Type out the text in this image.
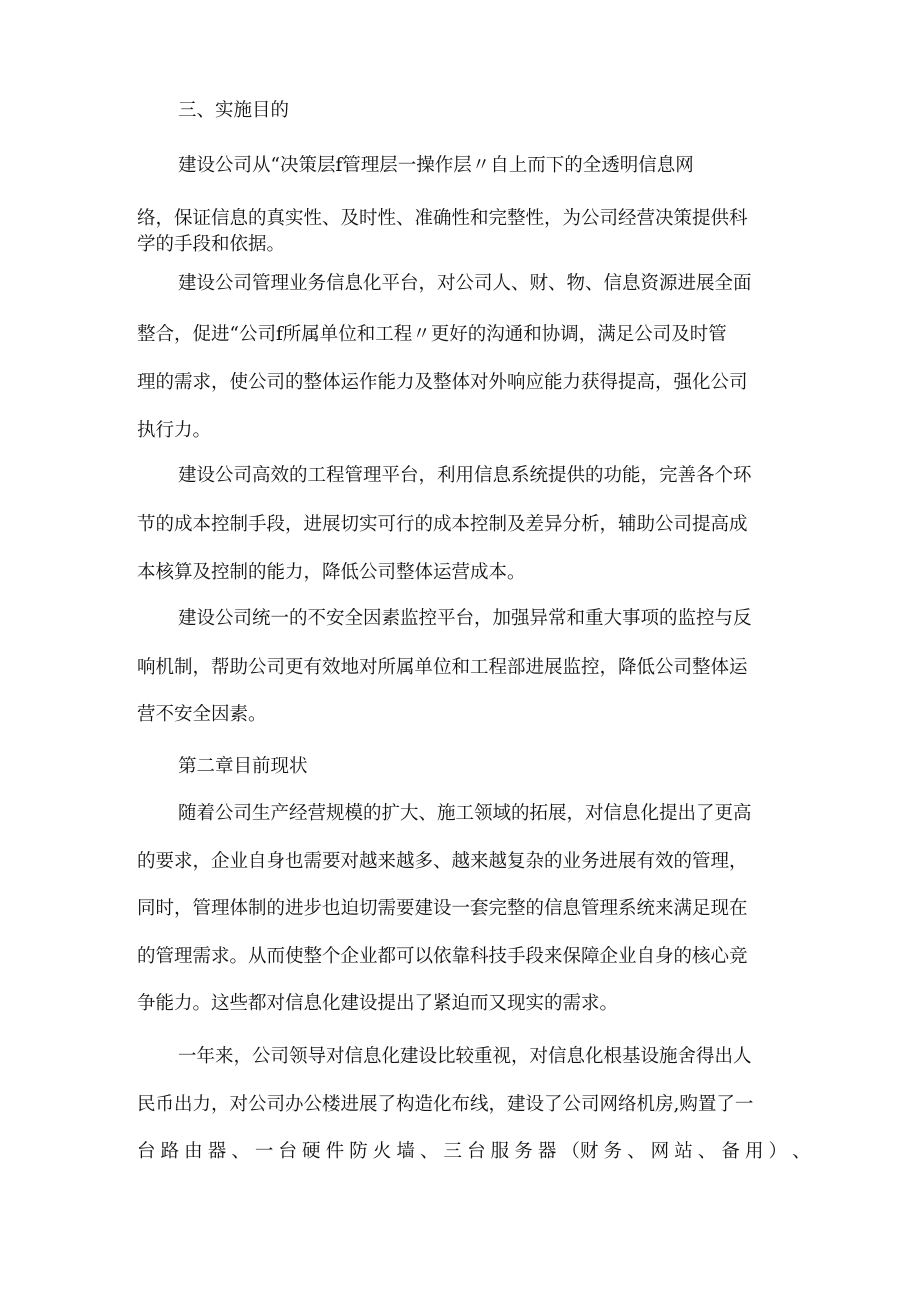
三、实施目的
建设公司从“决策层f管理层一操作层〃自上而下的全透明信息网
络，保证信息的真实性、及时性、准确性和完整性，为公司经营决策提供科
学的手段和依据。
建设公司管理业务信息化平台，对公司人、财、物、信息资源进展全面
整合，促进“公司f所属单位和工程〃更好的沟通和协调，满足公司及时管
理的需求，使公司的整体运作能力及整体对外响应能力获得提高，强化公司
执行力。
建设公司高效的工程管理平台，利用信息系统提供的功能，完善各个环
节的成本控制手段，进展切实可行的成本控制及差异分析，辅助公司提高成
本核算及控制的能力，降低公司整体运营成本。
建设公司统一的不安全因素监控平台，加强异常和重大事项的监控与反
响机制，帮助公司更有效地对所属单位和工程部进展监控，降低公司整体运
营不安全因素。
第二章目前现状
随着公司生产经营规模的扩大、施工领域的拓展，对信息化提出了更高
的要求，企业自身也需要对越来越多、越来越复杂的业务进展有效的管理，
同时，管理体制的进步也迫切需要建设一套完整的信息管理系统来满足现在
的管理需求。从而使整个企业都可以依靠科技手段来保障企业自身的核心竞
争能力。这些都对信息化建设提出了紧迫而又现实的需求。
一年来，公司领导对信息化建设比较重视，对信息化根基设施舍得出人
民币出力，对公司办公楼进展了构造化布线，建设了公司网络机房,购置了一
台 路 由 器 、 一 台 硬 件 防 火 墙 、 三 台 服 务 器 （财 务 、 网 站 、 备 用 ） 、
